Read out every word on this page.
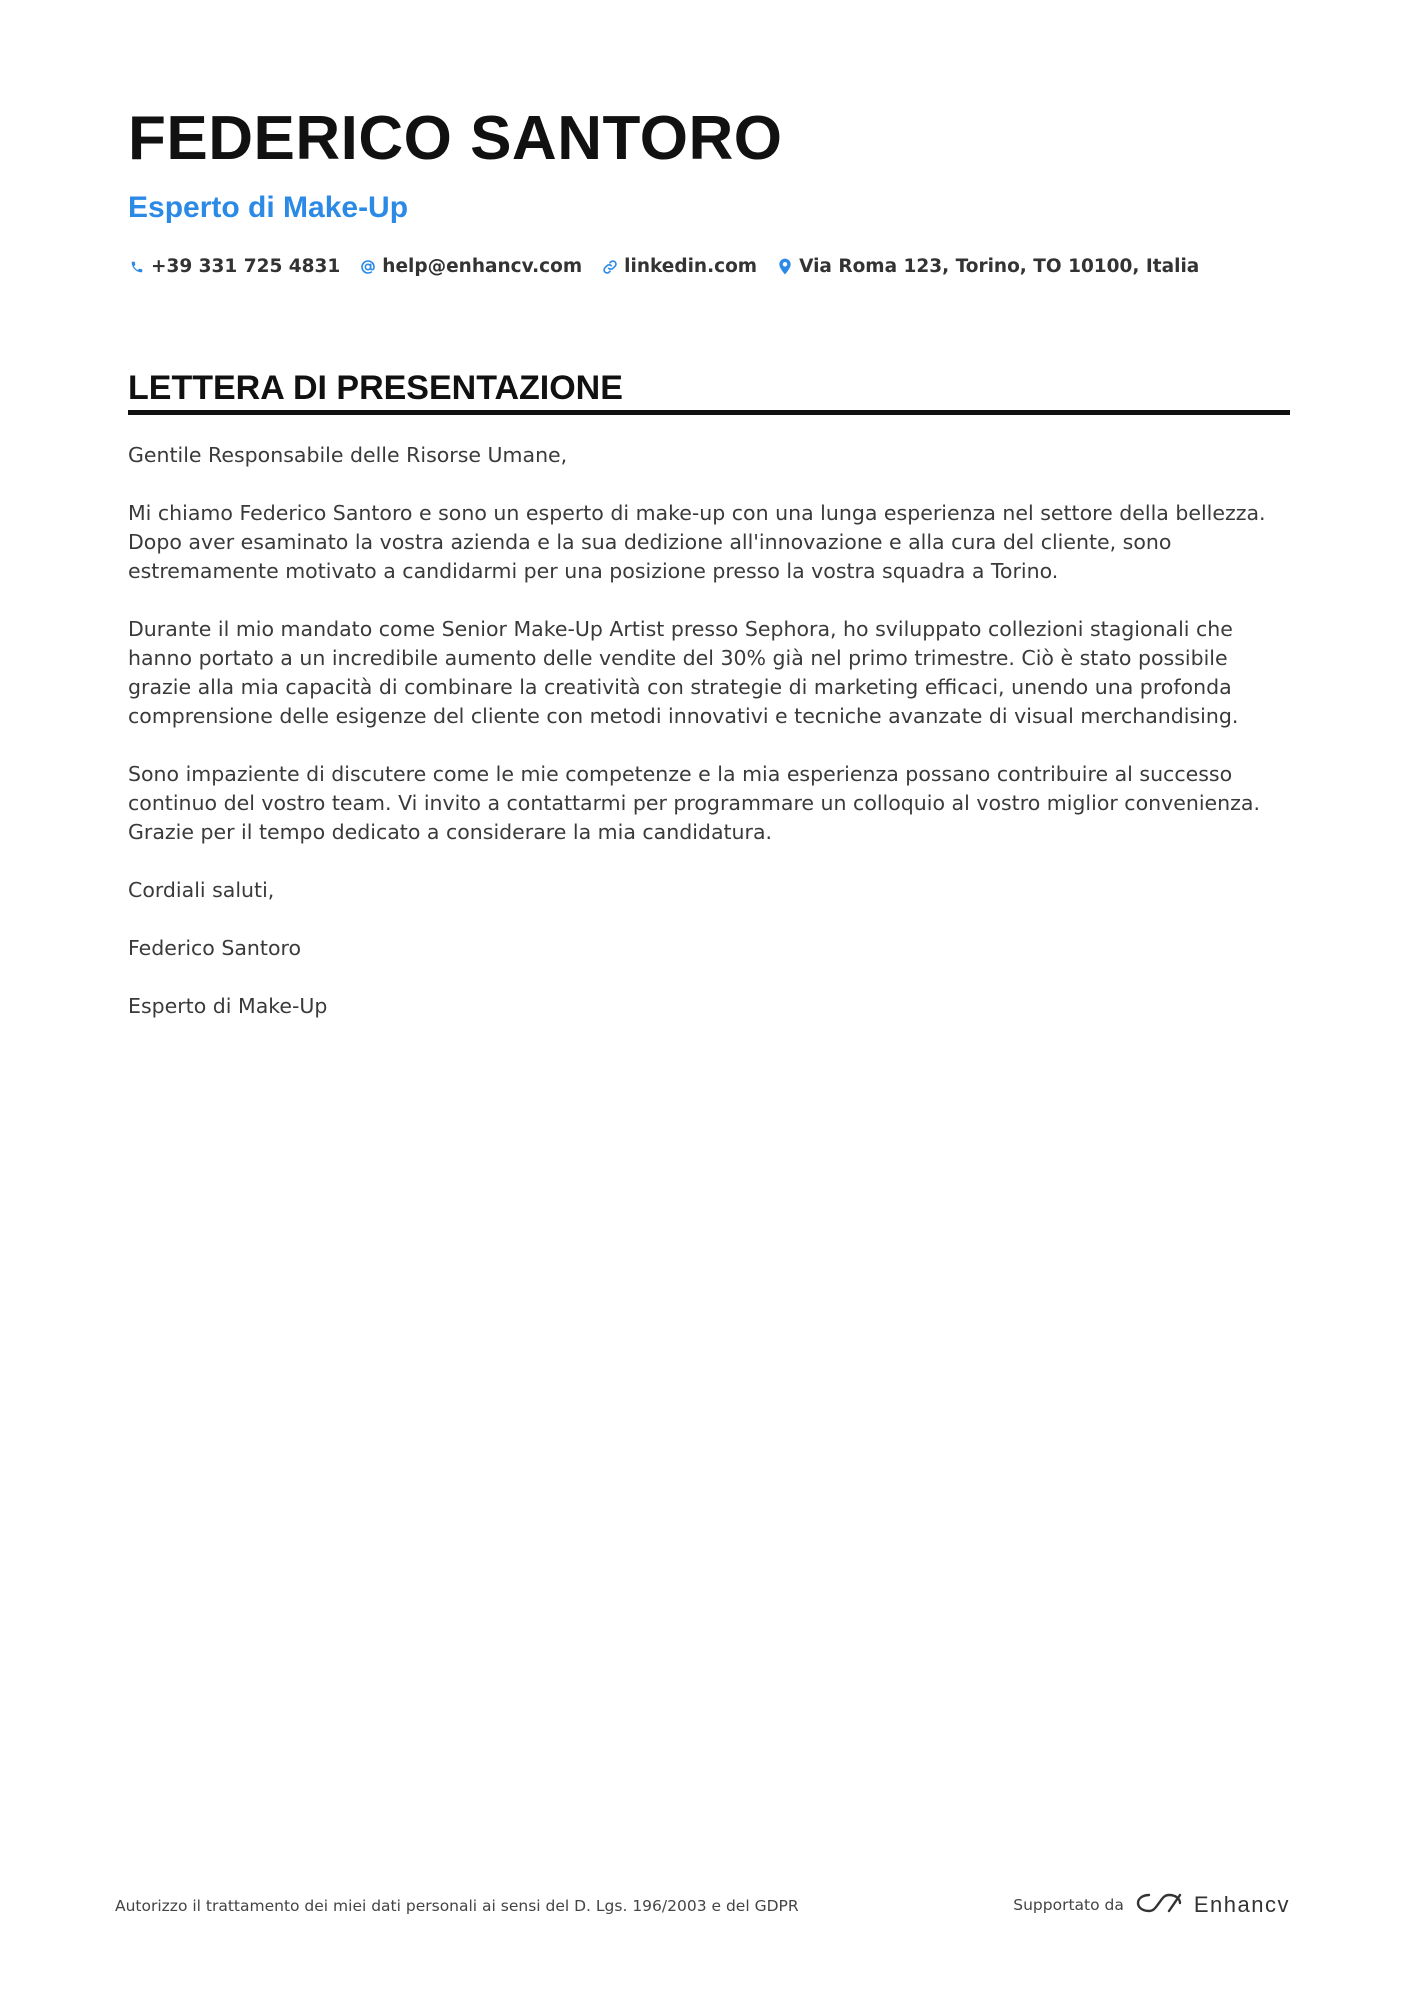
FEDERICO SANTORO
Esperto di Make-Up
+39 331 725 4831 help@enhancv.com linkedin.com Via Roma 123, Torino, TO 10100, Italia
LETTERA DI PRESENTAZIONE

Gentile Responsabile delle Risorse Umane,

Mi chiamo Federico Santoro e sono un esperto di make-up con una lunga esperienza nel settore della bellezza. Dopo aver esaminato la vostra azienda e la sua dedizione all'innovazione e alla cura del cliente, sono estremamente motivato a candidarmi per una posizione presso la vostra squadra a Torino.

Durante il mio mandato come Senior Make-Up Artist presso Sephora, ho sviluppato collezioni stagionali che hanno portato a un incredibile aumento delle vendite del 30% già nel primo trimestre. Ciò è stato possibile grazie alla mia capacità di combinare la creatività con strategie di marketing efficaci, unendo una profonda comprensione delle esigenze del cliente con metodi innovativi e tecniche avanzate di visual merchandising.

Sono impaziente di discutere come le mie competenze e la mia esperienza possano contribuire al successo continuo del vostro team. Vi invito a contattarmi per programmare un colloquio al vostro miglior convenienza. Grazie per il tempo dedicato a considerare la mia candidatura.

Cordiali saluti,

Federico Santoro

Esperto di Make-Up

Autorizzo il trattamento dei miei dati personali ai sensi del D. Lgs. 196/2003 e del GDPR	Supportato da	Enhancv
